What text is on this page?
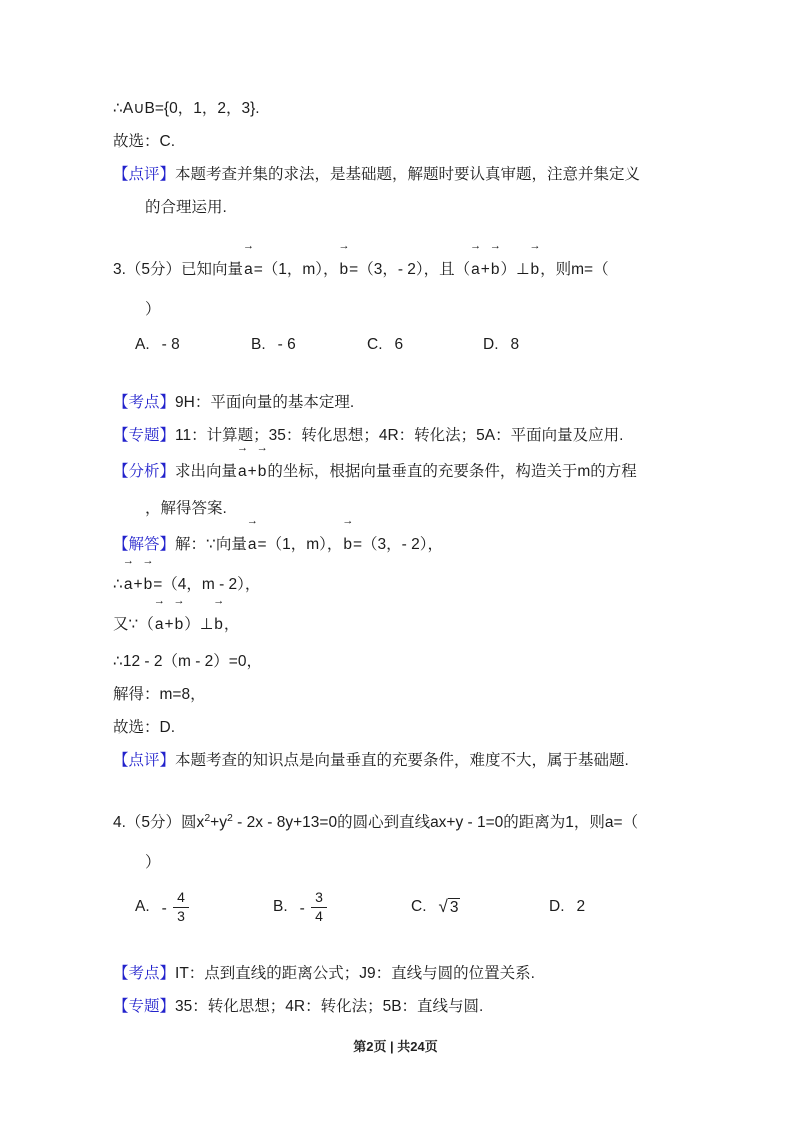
∴A∪B={0，1，2，3}.
故选：C.
【点评】本题考查并集的求法，是基础题，解题时要认真审题，注意并集定义
的合理运用.
3.（5分）已知向量a →=（1，m），b →=（3，- 2），且（a →+b →）⊥b →，则m=（
）
A. - 8	B. - 6	C. 6	D. 8
【考点】9H：平面向量的基本定理.
【专题】11：计算题；35：转化思想；4R：转化法；5A：平面向量及应用.
【分析】求出向量a →+b →的坐标，根据向量垂直的充要条件，构造关于m的方程
，解得答案.
【解答】解：∵向量a →=（1，m），b →=（3，- 2），
∴a →+b →=（4，m - 2），
又∵（a →+b →）⊥b →，
∴12 - 2（m - 2）=0，
解得：m=8，
故选：D.
【点评】本题考查的知识点是向量垂直的充要条件，难度不大，属于基础题.
4.（5分）圆$x^2+y^2 - 2x - 8y+13=0$的圆心到直线ax+y - 1=0的距离为1，则a=（
）
A. - $\frac{4}{3}$	B. - $\frac{3}{4}$	C.	√ 3	D. 2
【考点】IT：点到直线的距离公式；J9：直线与圆的位置关系.
【专题】35：转化思想；4R：转化法；5B：直线与圆.
第2页 | 共24页
